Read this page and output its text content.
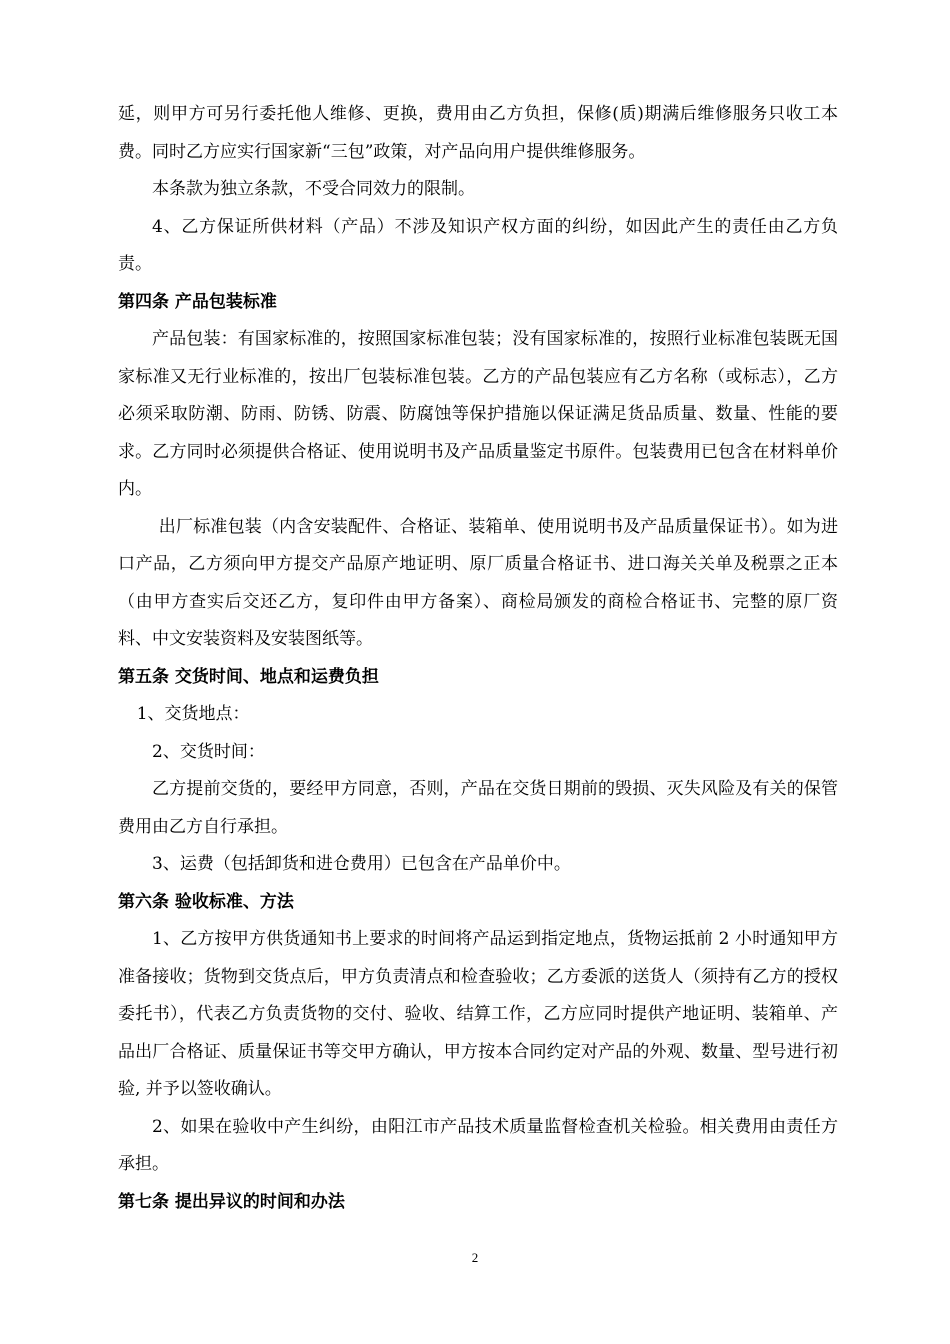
延，则甲方可另行委托他人维修、更换，费用由乙方负担，保修(质)期满后维修服务只收工本费。同时乙方应实行国家新“三包”政策，对产品向用户提供维修服务。

本条款为独立条款，不受合同效力的限制。

4、乙方保证所供材料（产品）不涉及知识产权方面的纠纷，如因此产生的责任由乙方负责。

第四条 产品包装标准

产品包装：有国家标准的，按照国家标准包装；没有国家标准的，按照行业标准包装既无国家标准又无行业标准的，按出厂包装标准包装。乙方的产品包装应有乙方名称（或标志），乙方必须采取防潮、防雨、防锈、防震、防腐蚀等保护措施以保证满足货品质量、数量、性能的要求。乙方同时必须提供合格证、使用说明书及产品质量鉴定书原件。包装费用已包含在材料单价内。

出厂标准包装（内含安装配件、合格证、装箱单、使用说明书及产品质量保证书）。如为进口产品，乙方须向甲方提交产品原产地证明、原厂质量合格证书、进口海关关单及税票之正本（由甲方查实后交还乙方，复印件由甲方备案）、商检局颁发的商检合格证书、完整的原厂资料、中文安装资料及安装图纸等。

第五条 交货时间、地点和运费负担

1、交货地点：

2、交货时间：

乙方提前交货的，要经甲方同意，否则，产品在交货日期前的毁损、灭失风险及有关的保管费用由乙方自行承担。

3、运费（包括卸货和进仓费用）已包含在产品单价中。

第六条 验收标准、方法

1、乙方按甲方供货通知书上要求的时间将产品运到指定地点，货物运抵前 2 小时通知甲方准备接收；货物到交货点后，甲方负责清点和检查验收；乙方委派的送货人（须持有乙方的授权委托书），代表乙方负责货物的交付、验收、结算工作，乙方应同时提供产地证明、装箱单、产品出厂合格证、质量保证书等交甲方确认，甲方按本合同约定对产品的外观、数量、型号进行初验, 并予以签收确认。

2、如果在验收中产生纠纷，由阳江市产品技术质量监督检查机关检验。相关费用由责任方承担。

第七条 提出异议的时间和办法

2
